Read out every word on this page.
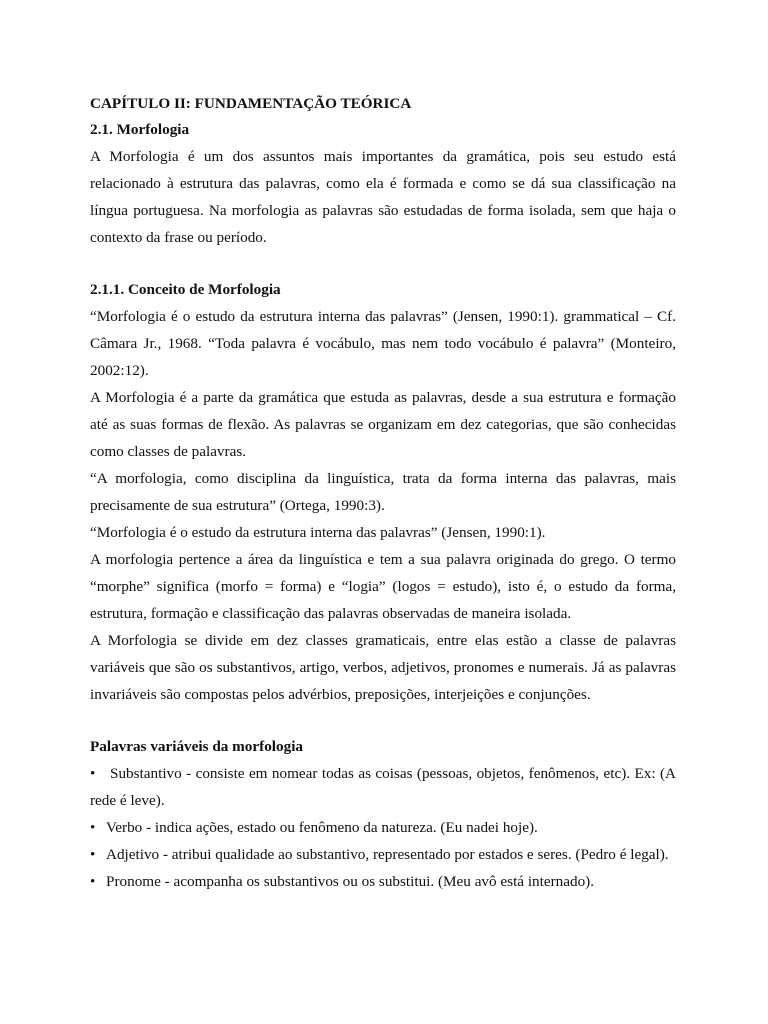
CAPÍTULO II: FUNDAMENTAÇÃO TEÓRICA

2.1. Morfologia

A Morfologia é um dos assuntos mais importantes da gramática, pois seu estudo está relacionado à estrutura das palavras, como ela é formada e como se dá sua classificação na língua portuguesa. Na morfologia as palavras são estudadas de forma isolada, sem que haja o contexto da frase ou período.

2.1.1. Conceito de Morfologia

“Morfologia é o estudo da estrutura interna das palavras” (Jensen, 1990:1). grammatical – Cf. Câmara Jr., 1968. “Toda palavra é vocábulo, mas nem todo vocábulo é palavra” (Monteiro, 2002:12).

A Morfologia é a parte da gramática que estuda as palavras, desde a sua estrutura e formação até as suas formas de flexão. As palavras se organizam em dez categorias, que são conhecidas como classes de palavras.

“A morfologia, como disciplina da linguística, trata da forma interna das palavras, mais precisamente de sua estrutura” (Ortega, 1990:3).

“Morfologia é o estudo da estrutura interna das palavras” (Jensen, 1990:1).

A morfologia pertence a área da linguística e tem a sua palavra originada do grego. O termo “morphe” significa (morfo = forma) e “logia” (logos = estudo), isto é, o estudo da forma, estrutura, formação e classificação das palavras observadas de maneira isolada.

A Morfologia se divide em dez classes gramaticais, entre elas estão a classe de palavras variáveis que são os substantivos, artigo, verbos, adjetivos, pronomes e numerais. Já as palavras invariáveis são compostas pelos advérbios, preposições, interjeições e conjunções.

Palavras variáveis da morfologia

• Substantivo - consiste em nomear todas as coisas (pessoas, objetos, fenômenos, etc). Ex: (A rede é leve).
• Verbo - indica ações, estado ou fenômeno da natureza. (Eu nadei hoje).
• Adjetivo - atribui qualidade ao substantivo, representado por estados e seres. (Pedro é legal).
• Pronome - acompanha os substantivos ou os substitui. (Meu avô está internado).
